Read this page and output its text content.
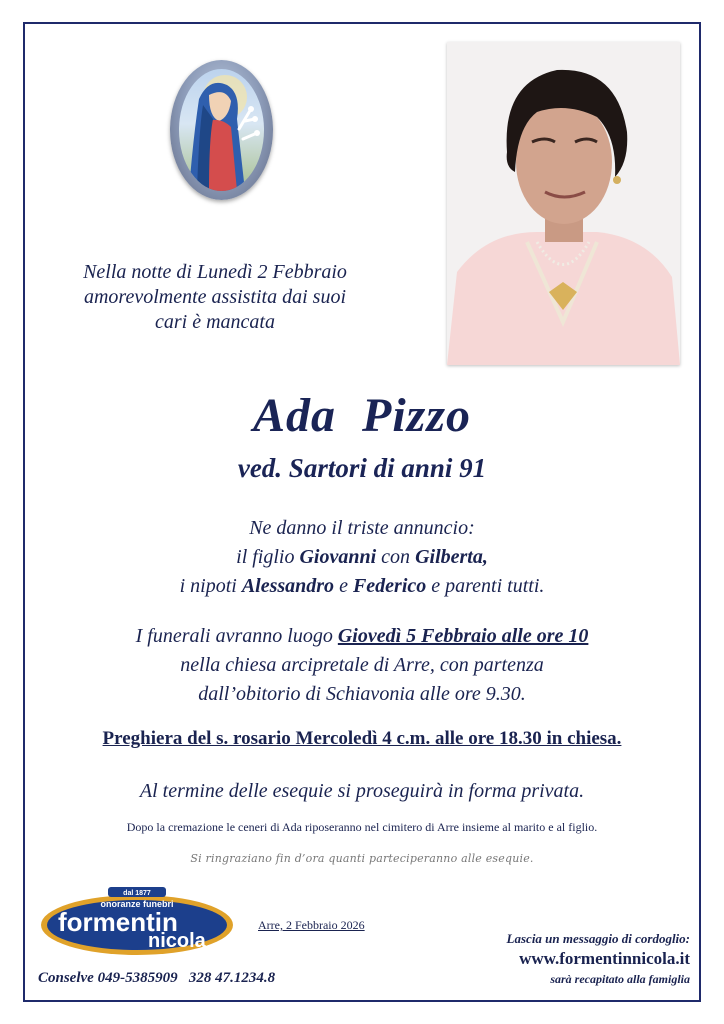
Nella notte di Lunedì 2 Febbraio
amorevolmente assistita dai suoi
cari è mancata
Ada  Pizzo
ved. Sartori di anni 91
Ne danno il triste annuncio:
il figlio Giovanni con Gilberta,
i nipoti Alessandro e Federico e parenti tutti.
I funerali avranno luogo Giovedì 5 Febbraio alle ore 10
nella chiesa arcipretale di Arre, con partenza
dall’obitorio di Schiavonia alle ore 9.30.
Preghiera del s. rosario Mercoledì 4 c.m. alle ore 18.30 in chiesa.
Al termine delle esequie si proseguirà in forma privata.
Dopo la cremazione le ceneri di Ada riposeranno nel cimitero di Arre insieme al marito e al figlio.
Si ringraziano fin d’ora quanti parteciperanno alle esequie.
dal 1877
onoranze funebri
formentin
nicola
di Paolo
Arre, 2 Febbraio 2026
Conselve 049-5385909   328 47.1234.8
Lascia un messaggio di cordoglio:
www.formentinnicola.it
sarà recapitato alla famiglia
